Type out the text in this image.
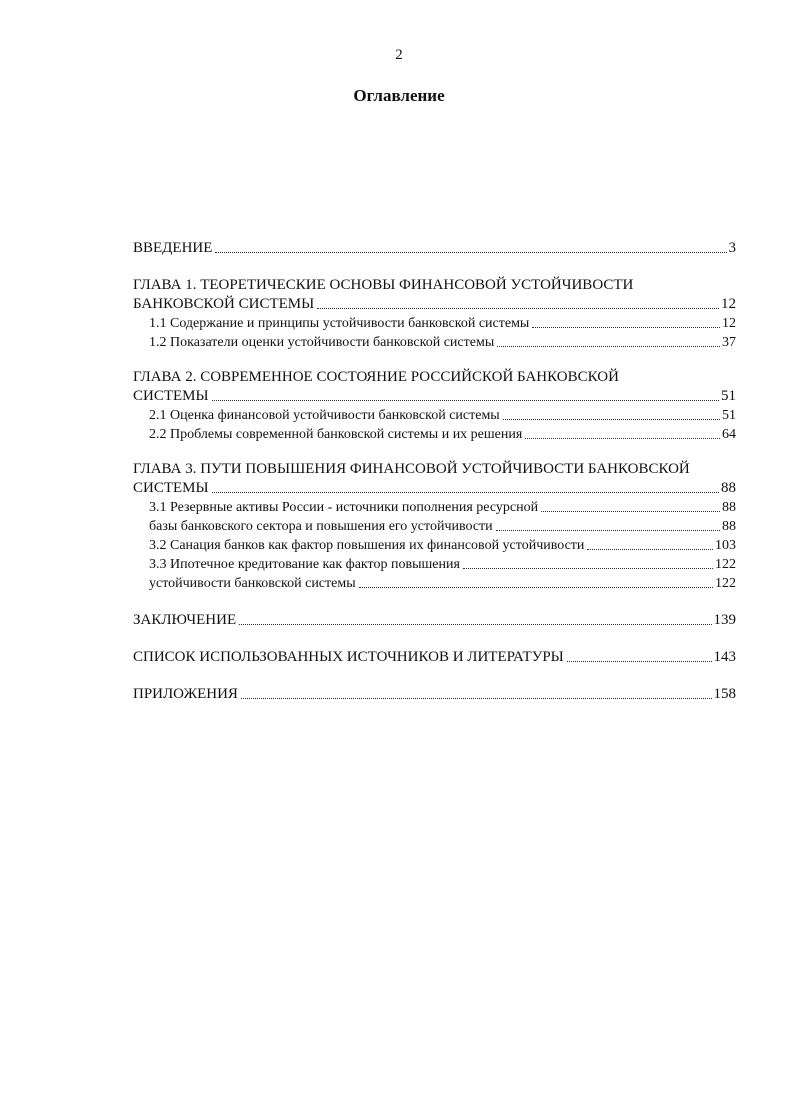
2
Оглавление
ВВЕДЕНИЕ	3
ГЛАВА 1. ТЕОРЕТИЧЕСКИЕ ОСНОВЫ ФИНАНСОВОЙ УСТОЙЧИВОСТИ
БАНКОВСКОЙ СИСТЕМЫ	12
1.1 Содержание и принципы устойчивости банковской системы	12
1.2 Показатели оценки устойчивости банковской системы	37
ГЛАВА 2. СОВРЕМЕННОЕ СОСТОЯНИЕ РОССИЙСКОЙ БАНКОВСКОЙ
СИСТЕМЫ	51
2.1 Оценка финансовой устойчивости банковской системы	51
2.2 Проблемы современной банковской системы и их решения	64
ГЛАВА 3. ПУТИ ПОВЫШЕНИЯ ФИНАНСОВОЙ УСТОЙЧИВОСТИ БАНКОВСКОЙ
СИСТЕМЫ	88
3.1 Резервные активы России - источники пополнения ресурсной	88
базы банковского сектора и повышения его устойчивости	88
3.2 Санация банков как фактор повышения их финансовой устойчивости	103
3.3 Ипотечное кредитование как фактор повышения	122
устойчивости банковской системы	122
ЗАКЛЮЧЕНИЕ	139
СПИСОК ИСПОЛЬЗОВАННЫХ ИСТОЧНИКОВ И ЛИТЕРАТУРЫ	143
ПРИЛОЖЕНИЯ	158
